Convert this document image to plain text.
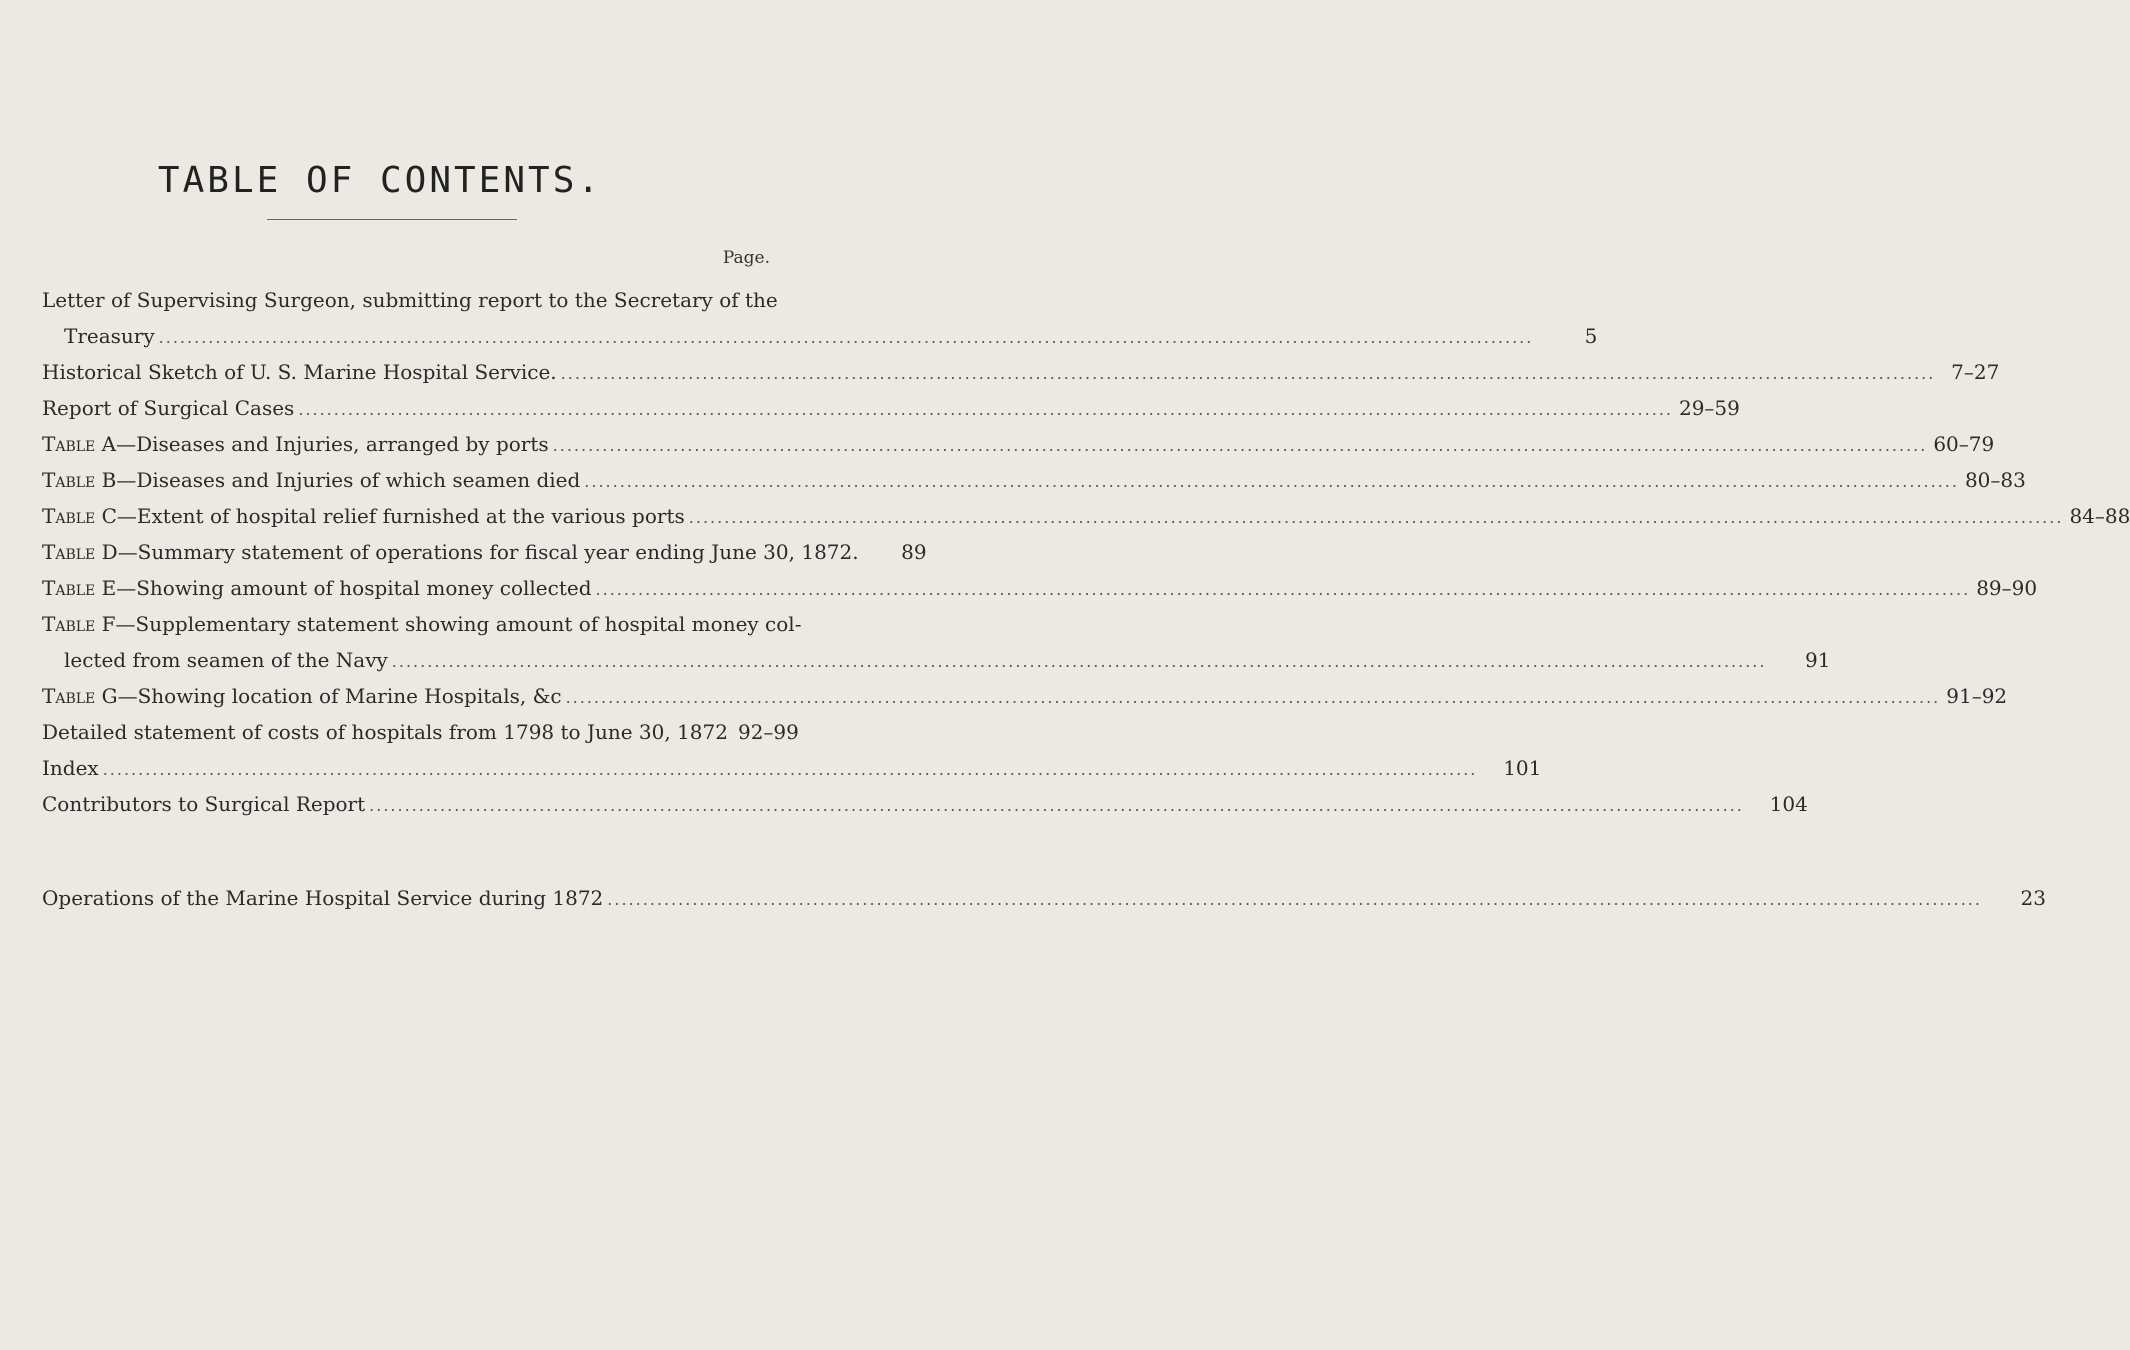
TABLE OF CONTENTS.
Page.
Letter of Supervising Surgeon, submitting report to the Secretary of the
Treasury .....	5
Historical Sketch of U. S. Marine Hospital Service. .....	7–27
Report of Surgical Cases .....	29–59
Table A—Diseases and Injuries, arranged by ports .....	60–79
Table B—Diseases and Injuries of which seamen died .....	80–83
Table C—Extent of hospital relief furnished at the various ports .....	84–88
Table D—Summary statement of operations for fiscal year ending June 30, 1872.	89
Table E—Showing amount of hospital money collected .....	89–90
Table F—Supplementary statement showing amount of hospital money col-
lected from seamen of the Navy .....	91
Table G—Showing location of Marine Hospitals, &c .....	91–92
Detailed statement of costs of hospitals from 1798 to June 30, 1872 92–99
Index .....	101
Contributors to Surgical Report .....	104
Operations of the Marine Hospital Service during 1872 .....	23
